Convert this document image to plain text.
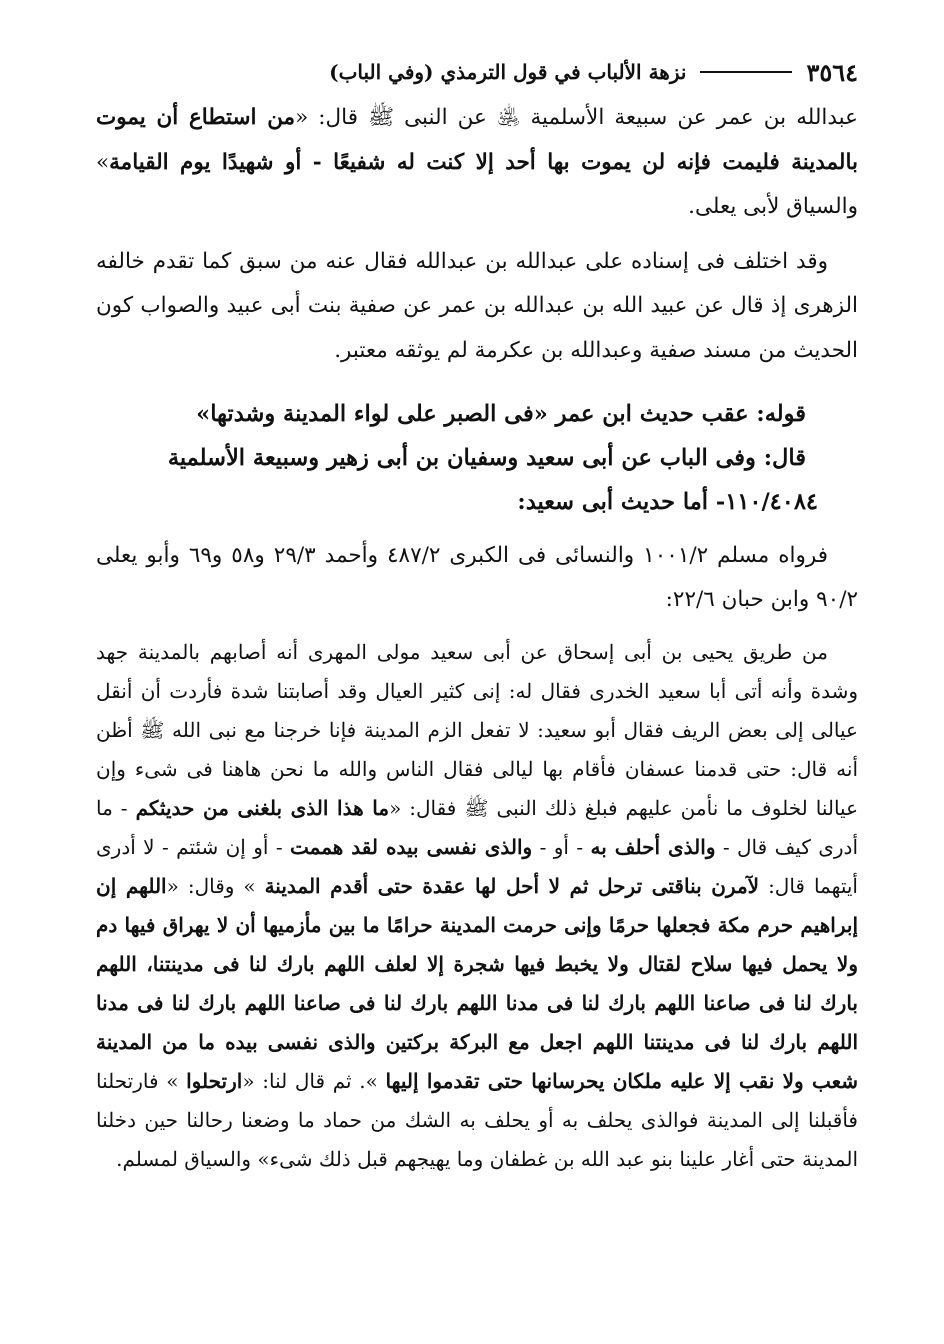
٣٥٦٤
نزهة الألباب في قول الترمذي (وفي الباب)

عبدالله بن عمر عن سبيعة الأسلمية ﵁ عن النبى ﷺ قال: «من استطاع أن يموت بالمدينة فليمت فإنه لن يموت بها أحد إلا كنت له شفيعًا - أو شهيدًا يوم القيامة» والسياق لأبى يعلى.

وقد اختلف فى إسناده على عبدالله بن عبدالله فقال عنه من سبق كما تقدم خالفه الزهرى إذ قال عن عبيد الله بن عبدالله بن عمر عن صفية بنت أبى عبيد والصواب كون الحديث من مسند صفية وعبدالله بن عكرمة لم يوثقه معتبر.

قوله: عقب حديث ابن عمر «فى الصبر على لواء المدينة وشدتها»
قال: وفى الباب عن أبى سعيد وسفيان بن أبى زهير وسبيعة الأسلمية
١١٠/٤٠٨٤- أما حديث أبى سعيد:

فرواه مسلم ١٠٠١/٢ والنسائى فى الكبرى ٤٨٧/٢ وأحمد ٢٩/٣ و٥٨ و٦٩ وأبو يعلى ٩٠/٢ وابن حبان ٢٢/٦:

من طريق يحيى بن أبى إسحاق عن أبى سعيد مولى المهرى أنه أصابهم بالمدينة جهد وشدة وأنه أتى أبا سعيد الخدرى فقال له: إنى كثير العيال وقد أصابتنا شدة فأردت أن أنقل عيالى إلى بعض الريف فقال أبو سعيد: لا تفعل الزم المدينة فإنا خرجنا مع نبى الله ﷺ أظن أنه قال: حتى قدمنا عسفان فأقام بها ليالى فقال الناس والله ما نحن هاهنا فى شىء وإن عيالنا لخلوف ما نأمن عليهم فبلغ ذلك النبى ﷺ فقال: «ما هذا الذى بلغنى من حديثكم - ما أدرى كيف قال - والذى أحلف به - أو - والذى نفسى بيده لقد هممت - أو إن شئتم - لا أدرى أيتهما قال: لآمرن بناقتى ترحل ثم لا أحل لها عقدة حتى أقدم المدينة » وقال: «اللهم إن إبراهيم حرم مكة فجعلها حرمًا وإنى حرمت المدينة حرامًا ما بين مأزميها أن لا يهراق فيها دم ولا يحمل فيها سلاح لقتال ولا يخبط فيها شجرة إلا لعلف اللهم بارك لنا فى مدينتنا، اللهم بارك لنا فى صاعنا اللهم بارك لنا فى مدنا اللهم بارك لنا فى صاعنا اللهم بارك لنا فى مدنا اللهم بارك لنا فى مدينتنا اللهم اجعل مع البركة بركتين والذى نفسى بيده ما من المدينة شعب ولا نقب إلا عليه ملكان يحرسانها حتى تقدموا إليها ». ثم قال لنا: «ارتحلوا » فارتحلنا فأقبلنا إلى المدينة فوالذى يحلف به أو يحلف به الشك من حماد ما وضعنا رحالنا حين دخلنا المدينة حتى أغار علينا بنو عبد الله بن غطفان وما يهيجهم قبل ذلك شىء» والسياق لمسلم.
